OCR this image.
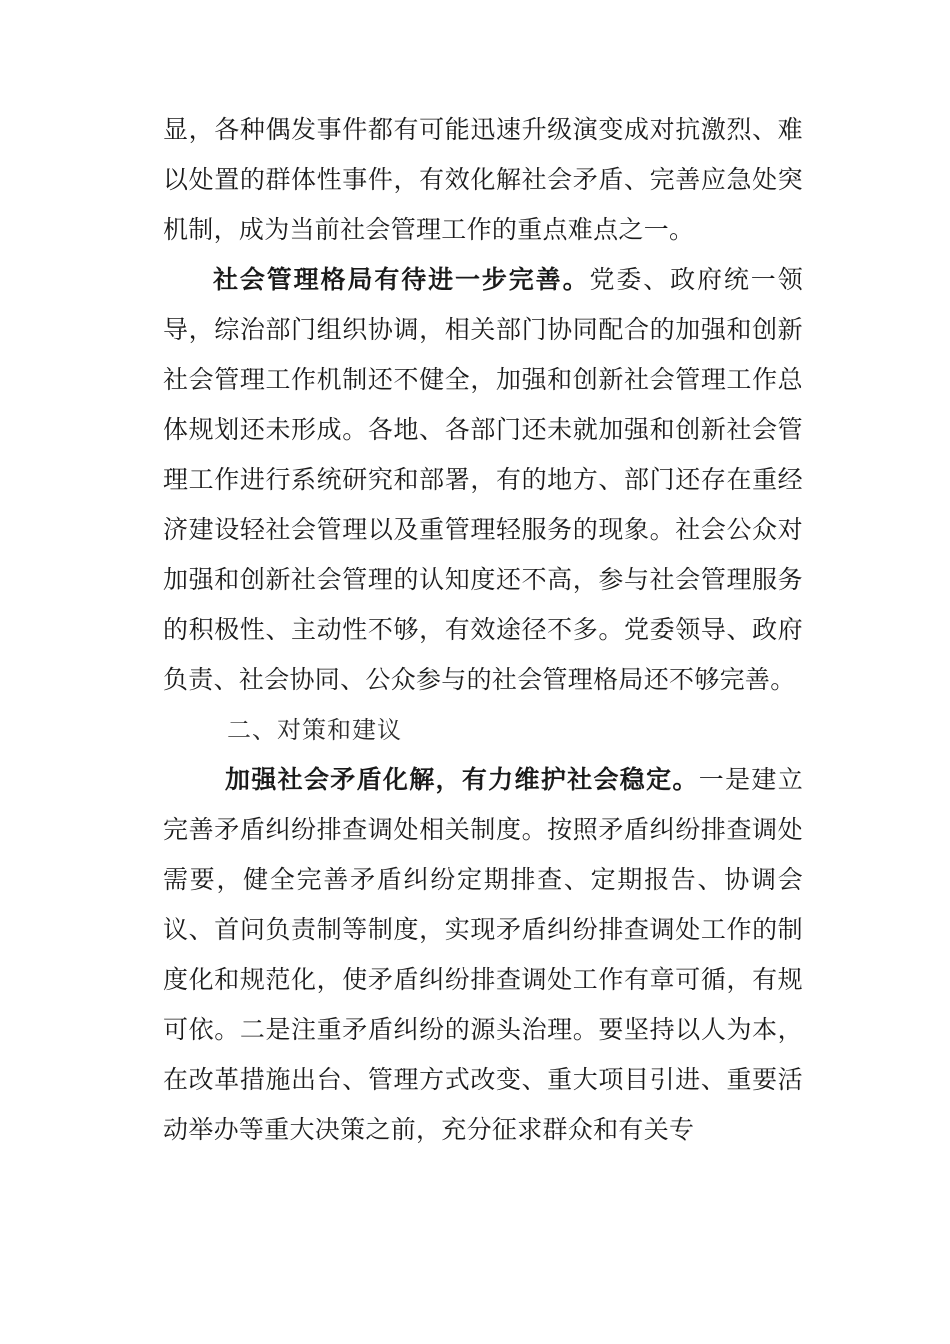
显，各种偶发事件都有可能迅速升级演变成对抗激烈、难以处置的群体性事件，有效化解社会矛盾、完善应急处突机制，成为当前社会管理工作的重点难点之一。

社会管理格局有待进一步完善。党委、政府统一领导，综治部门组织协调，相关部门协同配合的加强和创新社会管理工作机制还不健全，加强和创新社会管理工作总体规划还未形成。各地、各部门还未就加强和创新社会管理工作进行系统研究和部署，有的地方、部门还存在重经济建设轻社会管理以及重管理轻服务的现象。社会公众对加强和创新社会管理的认知度还不高，参与社会管理服务的积极性、主动性不够，有效途径不多。党委领导、政府负责、社会协同、公众参与的社会管理格局还不够完善。

二、对策和建议

加强社会矛盾化解，有力维护社会稳定。一是建立完善矛盾纠纷排查调处相关制度。按照矛盾纠纷排查调处需要，健全完善矛盾纠纷定期排查、定期报告、协调会议、首问负责制等制度，实现矛盾纠纷排查调处工作的制度化和规范化，使矛盾纠纷排查调处工作有章可循，有规可依。二是注重矛盾纠纷的源头治理。要坚持以人为本，在改革措施出台、管理方式改变、重大项目引进、重要活动举办等重大决策之前，充分征求群众和有关专
